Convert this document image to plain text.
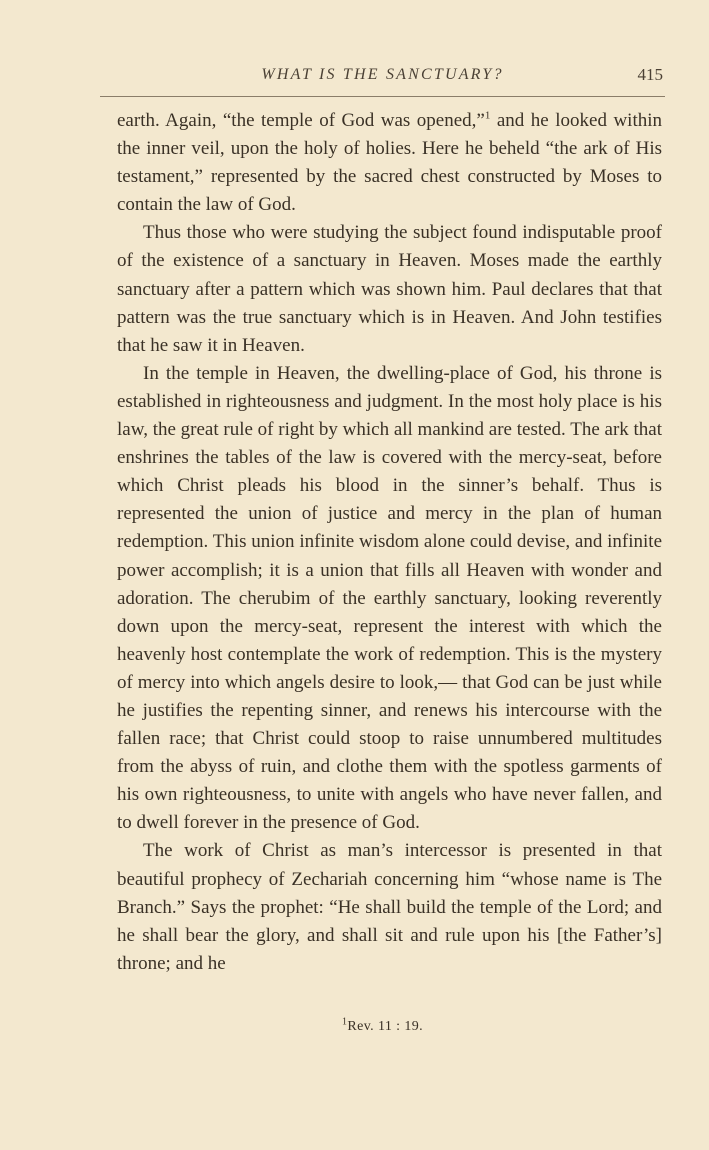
WHAT IS THE SANCTUARY?	415

earth. Again, “the temple of God was opened,”$^1$ and he looked within the inner veil, upon the holy of holies. Here he beheld “the ark of His testament,” represented by the sacred chest constructed by Moses to contain the law of God.

Thus those who were studying the subject found indisputable proof of the existence of a sanctuary in Heaven. Moses made the earthly sanctuary after a pattern which was shown him. Paul declares that that pattern was the true sanctuary which is in Heaven. And John testifies that he saw it in Heaven.

In the temple in Heaven, the dwelling-place of God, his throne is established in righteousness and judgment. In the most holy place is his law, the great rule of right by which all mankind are tested. The ark that enshrines the tables of the law is covered with the mercy-seat, before which Christ pleads his blood in the sinner’s behalf. Thus is represented the union of justice and mercy in the plan of human redemption. This union infinite wisdom alone could devise, and infinite power accomplish; it is a union that fills all Heaven with wonder and adoration. The cherubim of the earthly sanctuary, looking reverently down upon the mercy-seat, represent the interest with which the heavenly host contemplate the work of redemption. This is the mystery of mercy into which angels desire to look,— that God can be just while he justifies the repenting sinner, and renews his intercourse with the fallen race; that Christ could stoop to raise unnumbered multitudes from the abyss of ruin, and clothe them with the spotless garments of his own righteousness, to unite with angels who have never fallen, and to dwell forever in the presence of God.

The work of Christ as man’s intercessor is presented in that beautiful prophecy of Zechariah concerning him “whose name is The Branch.” Says the prophet: “He shall build the temple of the Lord; and he shall bear the glory, and shall sit and rule upon his [the Father’s] throne; and he

$^1$Rev. 11 : 19.
